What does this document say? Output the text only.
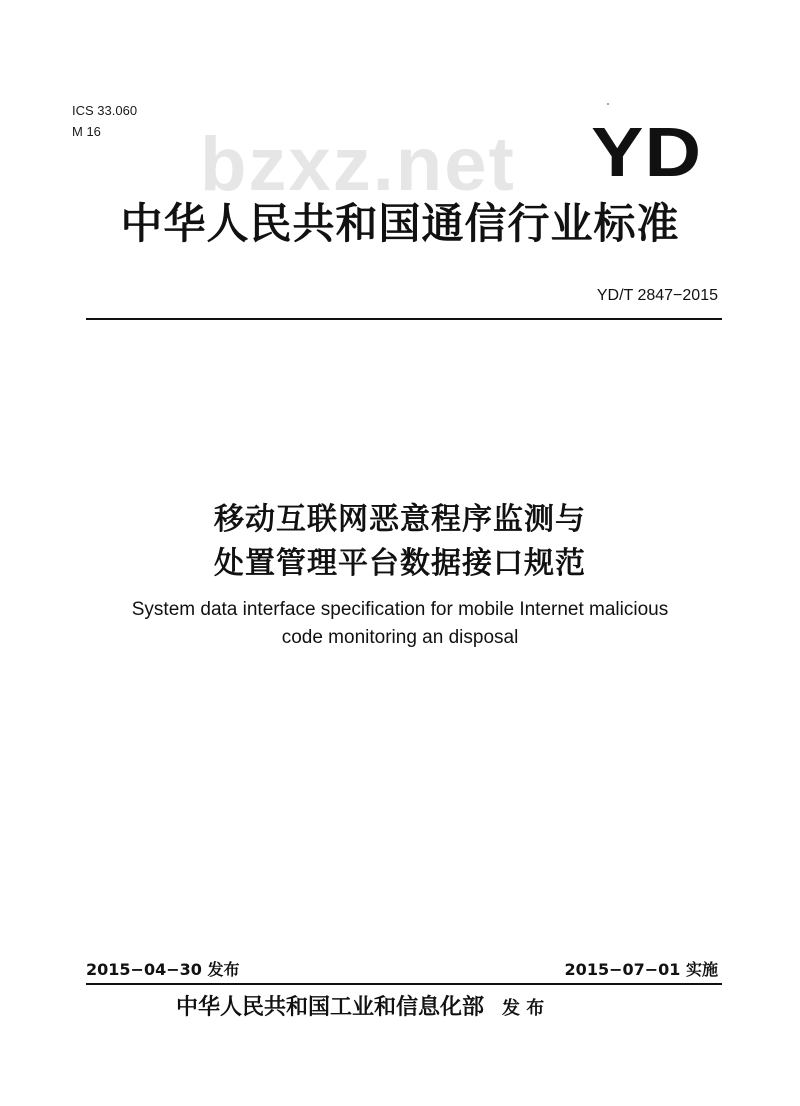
ICS 33.060
M 16	bzxz.net YD
中华人民共和国通信行业标准
YD/T 2847−2015
移动互联网恶意程序监测与
处置管理平台数据接口规范
System data interface specification for mobile Internet malicious
code monitoring an disposal
2015−04−30 发布	2015−07−01 实施
中华人民共和国工业和信息化部 发 布
